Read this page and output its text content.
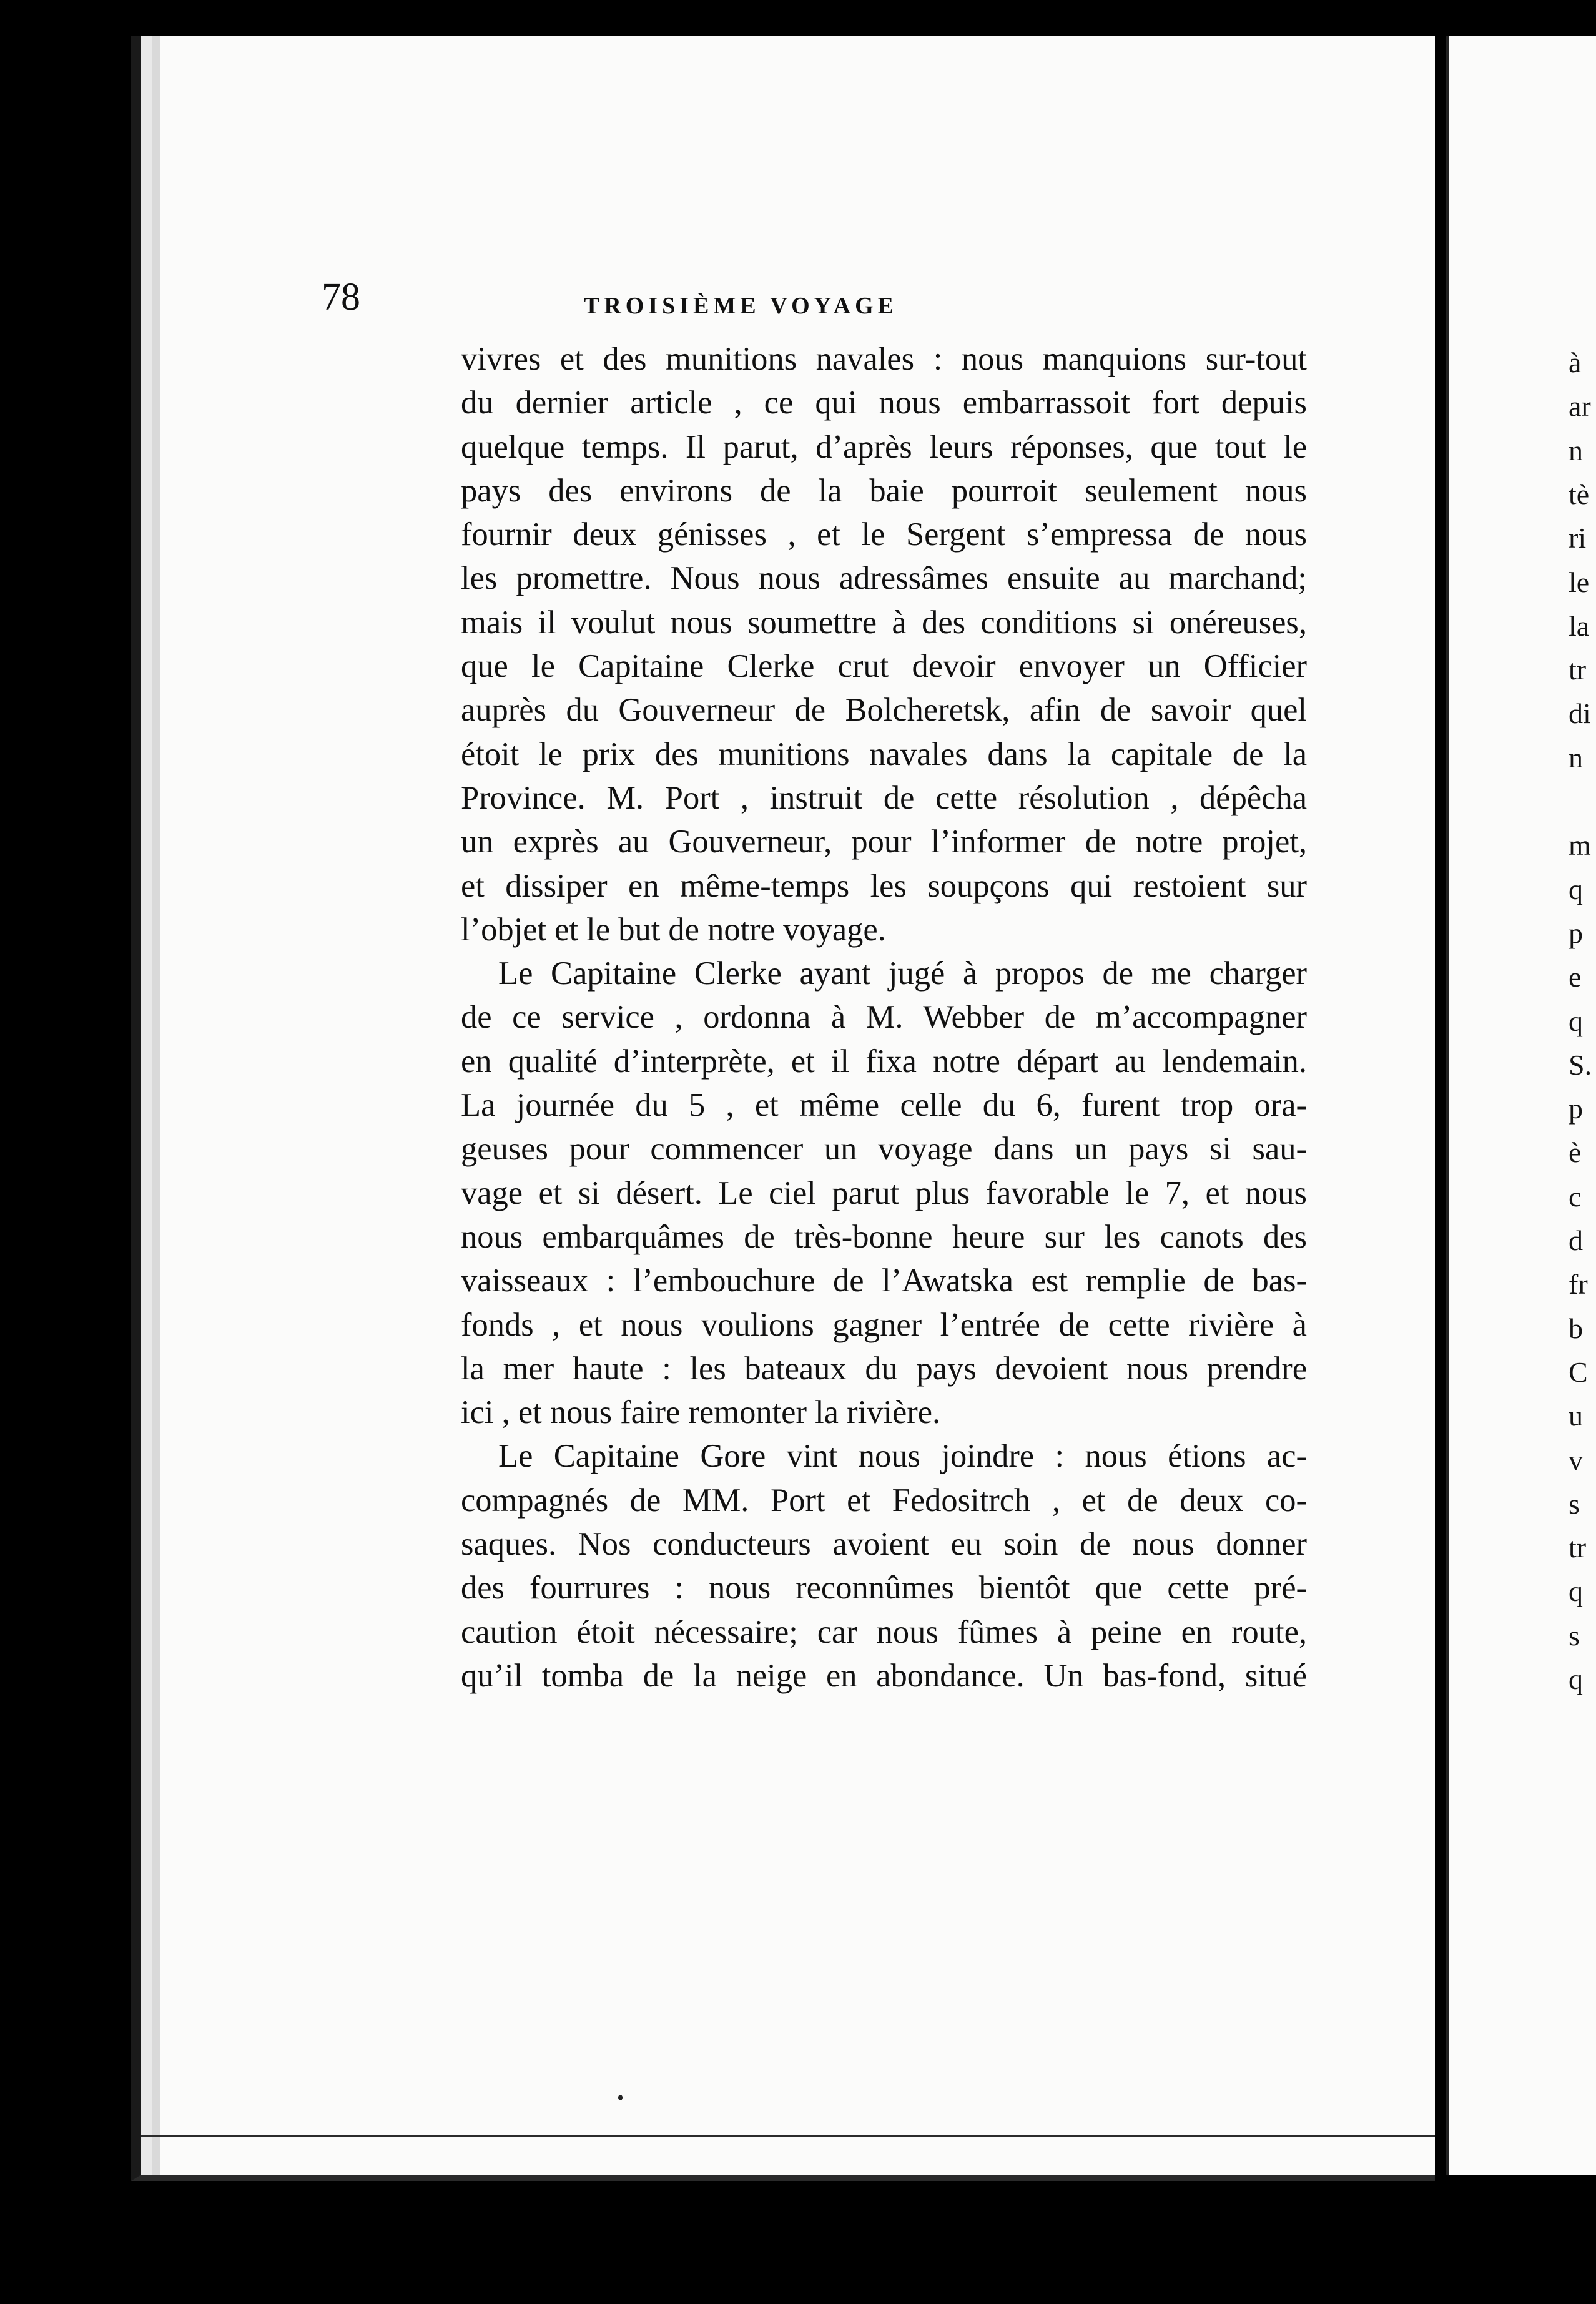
à
ar
n
tè
ri
le
la
tr
di
n
m
q
p
e
q
S.
p
è
c
d
fr
b
C
u
v
s
tr
q
s
q
78	TROISIÈME VOYAGE
vivres et des munitions navales : nous manquions sur-tout
du dernier article , ce qui nous embarrassoit fort depuis
quelque temps. Il parut, d’après leurs réponses, que tout le
pays des environs de la baie pourroit seulement nous
fournir deux génisses , et le Sergent s’empressa de nous
les promettre. Nous nous adressâmes ensuite au marchand;
mais il voulut nous soumettre à des conditions si onéreuses,
que le Capitaine Clerke crut devoir envoyer un Officier
auprès du Gouverneur de Bolcheretsk, afin de savoir quel
étoit le prix des munitions navales dans la capitale de la
Province. M. Port , instruit de cette résolution , dépêcha
un exprès au Gouverneur, pour l’informer de notre projet,
et dissiper en même-temps les soupçons qui restoient sur
l’objet et le but de notre voyage.
Le Capitaine Clerke ayant jugé à propos de me charger
de ce service , ordonna à M. Webber de m’accompagner
en qualité d’interprète, et il fixa notre départ au lendemain.
La journée du 5 , et même celle du 6, furent trop ora-
geuses pour commencer un voyage dans un pays si sau-
vage et si désert. Le ciel parut plus favorable le 7, et nous
nous embarquâmes de très-bonne heure sur les canots des
vaisseaux : l’embouchure de l’Awatska est remplie de bas-
fonds , et nous voulions gagner l’entrée de cette rivière à
la mer haute : les bateaux du pays devoient nous prendre
ici , et nous faire remonter la rivière.
Le Capitaine Gore vint nous joindre : nous étions ac-
compagnés de MM. Port et Fedositrch , et de deux co-
saques. Nos conducteurs avoient eu soin de nous donner
des fourrures : nous reconnûmes bientôt que cette pré-
caution étoit nécessaire; car nous fûmes à peine en route,
qu’il tomba de la neige en abondance. Un bas-fond, situé
